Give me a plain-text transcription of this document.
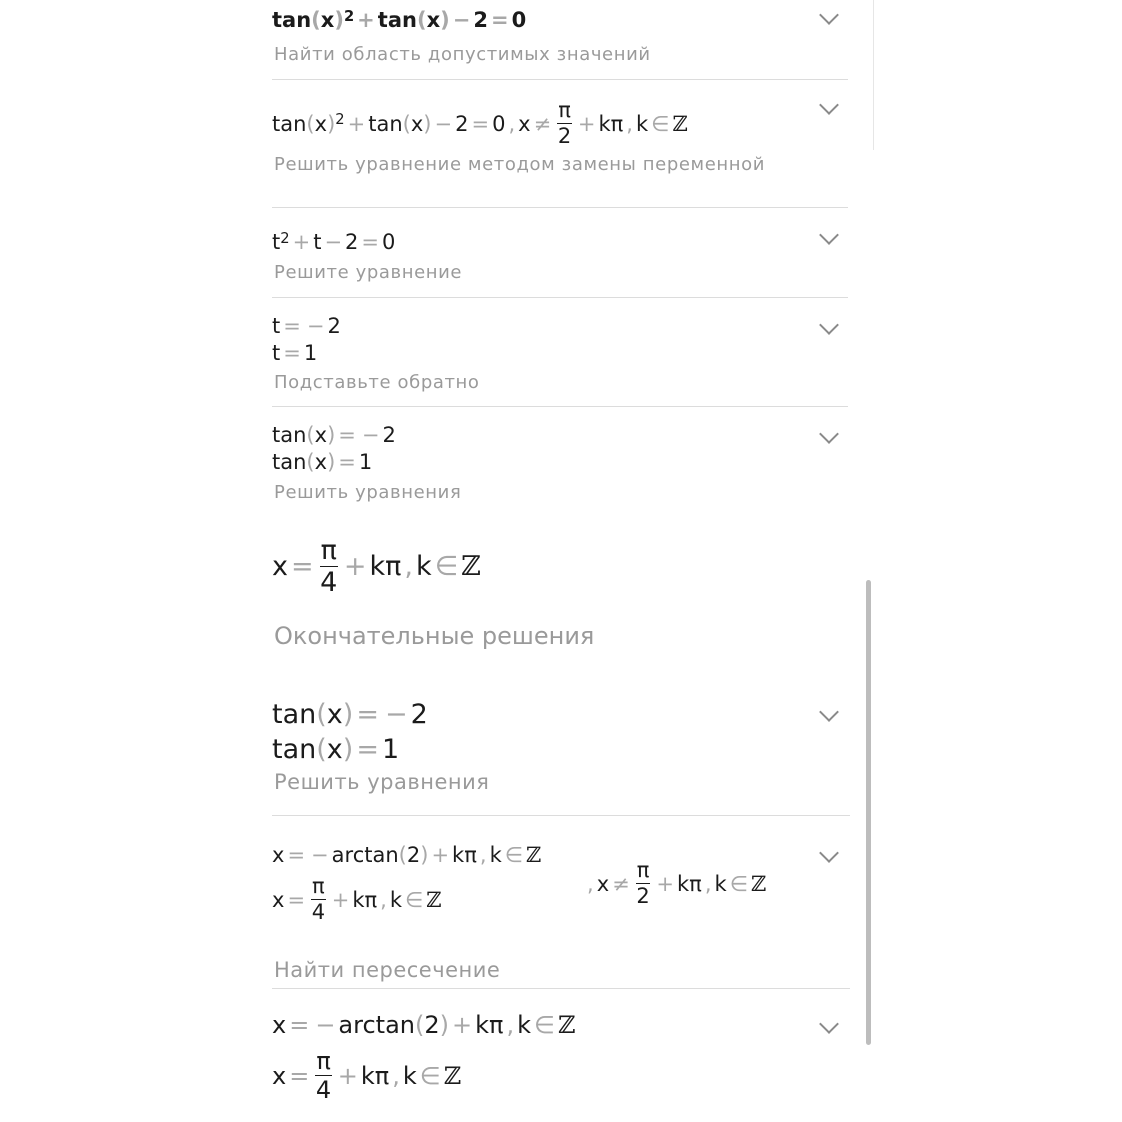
tan ( x )$^2$ + tan ( x ) − 2 = 0
Найти область допустимых значений
tan ( x )$^2$ + tan ( x ) − 2 = 0 , $x \ne \frac{\pi}{2} + k$ π , k ∈ ℤ
Решить уравнение методом замены переменной
$t^2 + t - 2 = 0$
Решите уравнение
t = − 2
t = 1
Подставьте обратно
tan ( x ) = − 2
tan ( x ) = 1
Решить уравнения
$x = \frac{\pi}{4} + k$ π , k ∈ ℤ
Окончательные решения
tan ( x ) = − 2
tan ( x ) = 1
Решить уравнения
x = − arctan ( 2 ) + k π , k ∈ ℤ
$x = \frac{\pi}{4} + k$ π , k ∈ ℤ
, $x \ne \frac{\pi}{2} + k$ π , k ∈ ℤ
Найти пересечение
x = − arctan ( 2 ) + k π , k ∈ ℤ
$x = \frac{\pi}{4} + k$ π , k ∈ ℤ
